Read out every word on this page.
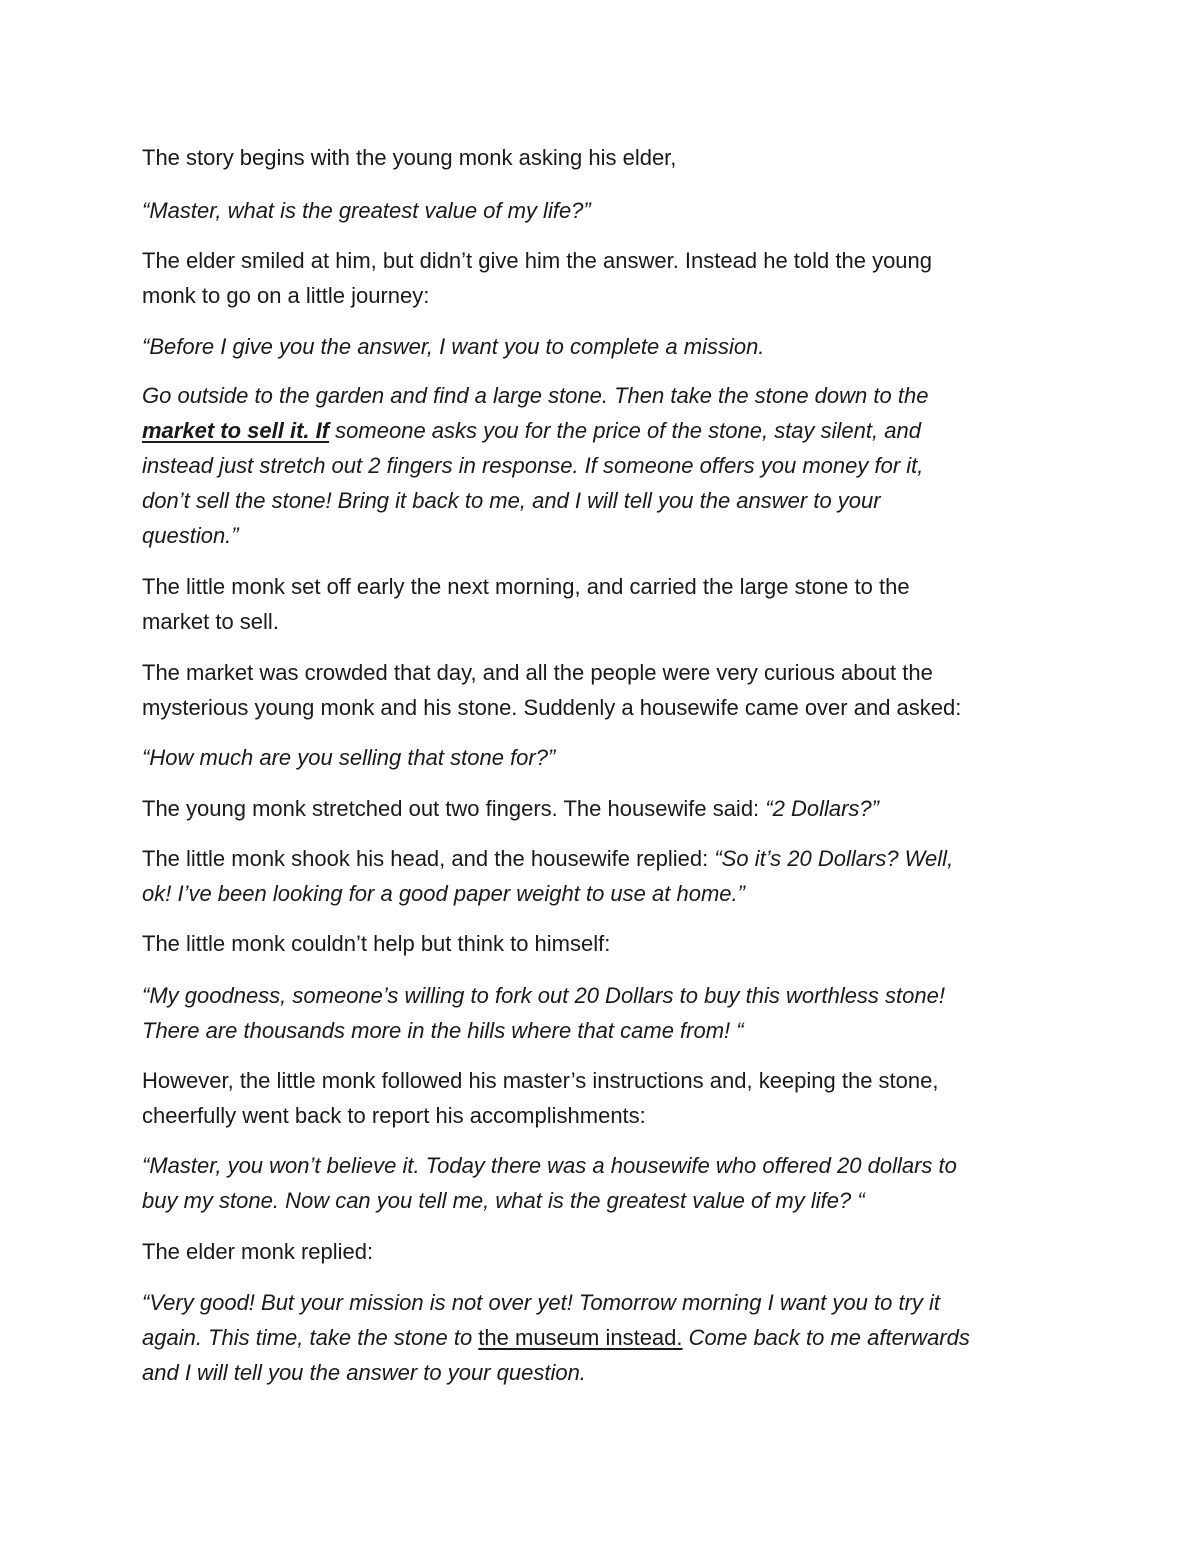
The story begins with the young monk asking his elder,

“Master, what is the greatest value of my life?”

The elder smiled at him, but didn’t give him the answer. Instead he told the young
monk to go on a little journey:

“Before I give you the answer, I want you to complete a mission.

Go outside to the garden and find a large stone. Then take the stone down to the
market to sell it. If someone asks you for the price of the stone, stay silent, and
instead just stretch out 2 fingers in response. If someone offers you money for it,
don’t sell the stone! Bring it back to me, and I will tell you the answer to your
question.”

The little monk set off early the next morning, and carried the large stone to the
market to sell.

The market was crowded that day, and all the people were very curious about the
mysterious young monk and his stone. Suddenly a housewife came over and asked:

“How much are you selling that stone for?”

The young monk stretched out two fingers. The housewife said: “2 Dollars?”

The little monk shook his head, and the housewife replied: “So it’s 20 Dollars? Well,
ok! I’ve been looking for a good paper weight to use at home.”

The little monk couldn’t help but think to himself:

“My goodness, someone’s willing to fork out 20 Dollars to buy this worthless stone!
There are thousands more in the hills where that came from! “

However, the little monk followed his master’s instructions and, keeping the stone,
cheerfully went back to report his accomplishments:

“Master, you won’t believe it. Today there was a housewife who offered 20 dollars to
buy my stone. Now can you tell me, what is the greatest value of my life? “

The elder monk replied:

“Very good! But your mission is not over yet! Tomorrow morning I want you to try it
again. This time, take the stone to the museum instead. Come back to me afterwards
and I will tell you the answer to your question.
